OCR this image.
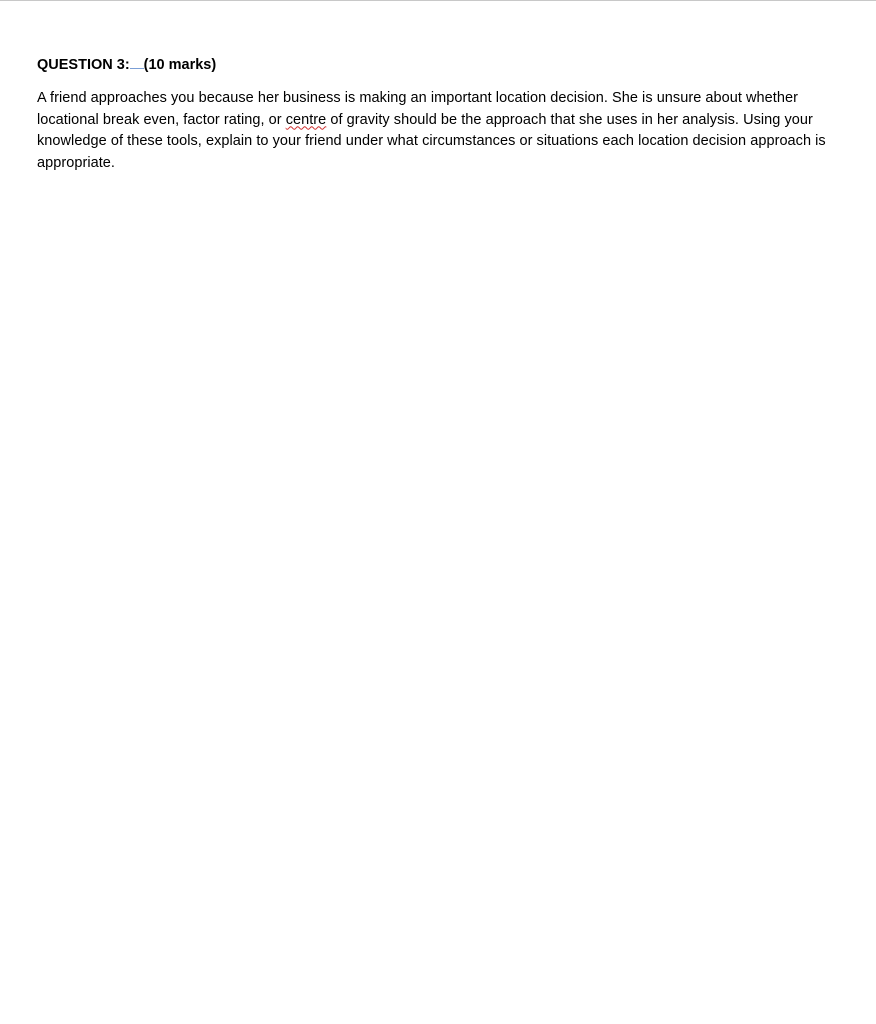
QUESTION 3: (10 marks)

A friend approaches you because her business is making an important location decision. She is unsure about whether locational break even, factor rating, or centre of gravity should be the approach that she uses in her analysis. Using your knowledge of these tools, explain to your friend under what circumstances or situations each location decision approach is appropriate.
